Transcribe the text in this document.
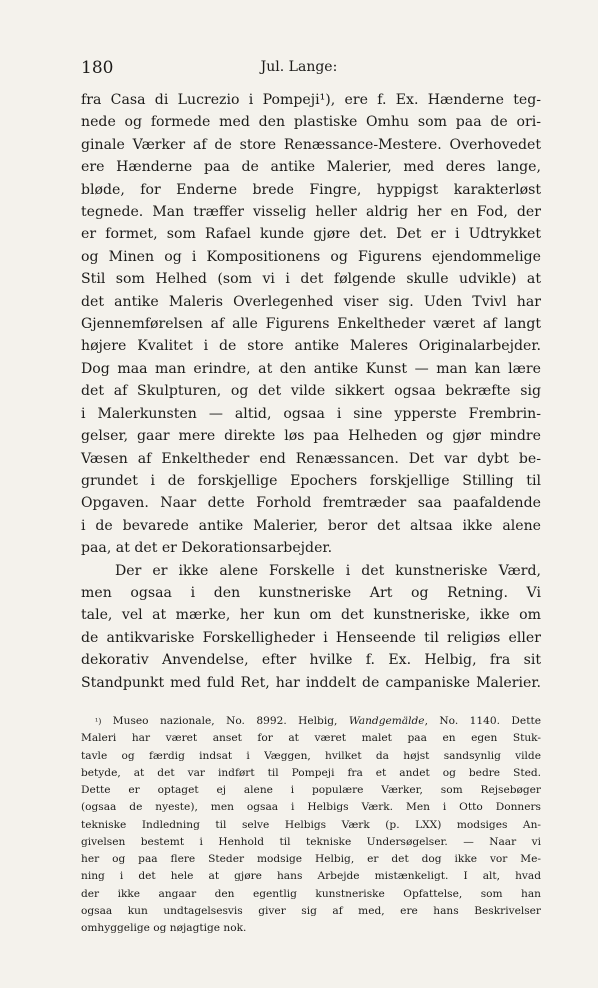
180	Jul. Lange:
fra Casa di Lucrezio i Pompeji¹), ere f. Ex. Hænderne teg-
nede og formede med den plastiske Omhu som paa de ori-
ginale Værker af de store Renæssance-Mestere. Overhovedet
ere Hænderne paa de antike Malerier, med deres lange,
bløde, for Enderne brede Fingre, hyppigst karakterløst
tegnede. Man træffer visselig heller aldrig her en Fod, der
er formet, som Rafael kunde gjøre det. Det er i Udtrykket
og Minen og i Kompositionens og Figurens ejendommelige
Stil som Helhed (som vi i det følgende skulle udvikle) at
det antike Maleris Overlegenhed viser sig. Uden Tvivl har
Gjennemførelsen af alle Figurens Enkeltheder været af langt
højere Kvalitet i de store antike Maleres Originalarbejder.
Dog maa man erindre, at den antike Kunst — man kan lære
det af Skulpturen, og det vilde sikkert ogsaa bekræfte sig
i Malerkunsten — altid, ogsaa i sine ypperste Frembrin-
gelser, gaar mere direkte løs paa Helheden og gjør mindre
Væsen af Enkeltheder end Renæssancen. Det var dybt be-
grundet i de forskjellige Epochers forskjellige Stilling til
Opgaven. Naar dette Forhold fremtræder saa paafaldende
i de bevarede antike Malerier, beror det altsaa ikke alene
paa, at det er Dekorationsarbejder.
Der er ikke alene Forskelle i det kunstneriske Værd,
men ogsaa i den kunstneriske Art og Retning. Vi
tale, vel at mærke, her kun om det kunstneriske, ikke om
de antikvariske Forskelligheder i Henseende til religiøs eller
dekorativ Anvendelse, efter hvilke f. Ex. Helbig, fra sit
Standpunkt med fuld Ret, har inddelt de campaniske Malerier.
$^{^1)}$ Museo nazionale, No. 8992. Helbig, Wandgemälde, No. 1140. Dette
Maleri har været anset for at været malet paa en egen Stuk-
tavle og færdig indsat i Væggen, hvilket da højst sandsynlig vilde
betyde, at det var indført til Pompeji fra et andet og bedre Sted.
Dette er optaget ej alene i populære Værker, som Rejsebøger
(ogsaa de nyeste), men ogsaa i Helbigs Værk. Men i Otto Donners
tekniske Indledning til selve Helbigs Værk (p. LXX) modsiges An-
givelsen bestemt i Henhold til tekniske Undersøgelser. — Naar vi
her og paa flere Steder modsige Helbig, er det dog ikke vor Me-
ning i det hele at gjøre hans Arbejde mistænkeligt. I alt, hvad
der ikke angaar den egentlig kunstneriske Opfattelse, som han
ogsaa kun undtagelsesvis giver sig af med, ere hans Beskrivelser
omhyggelige og nøjagtige nok.
